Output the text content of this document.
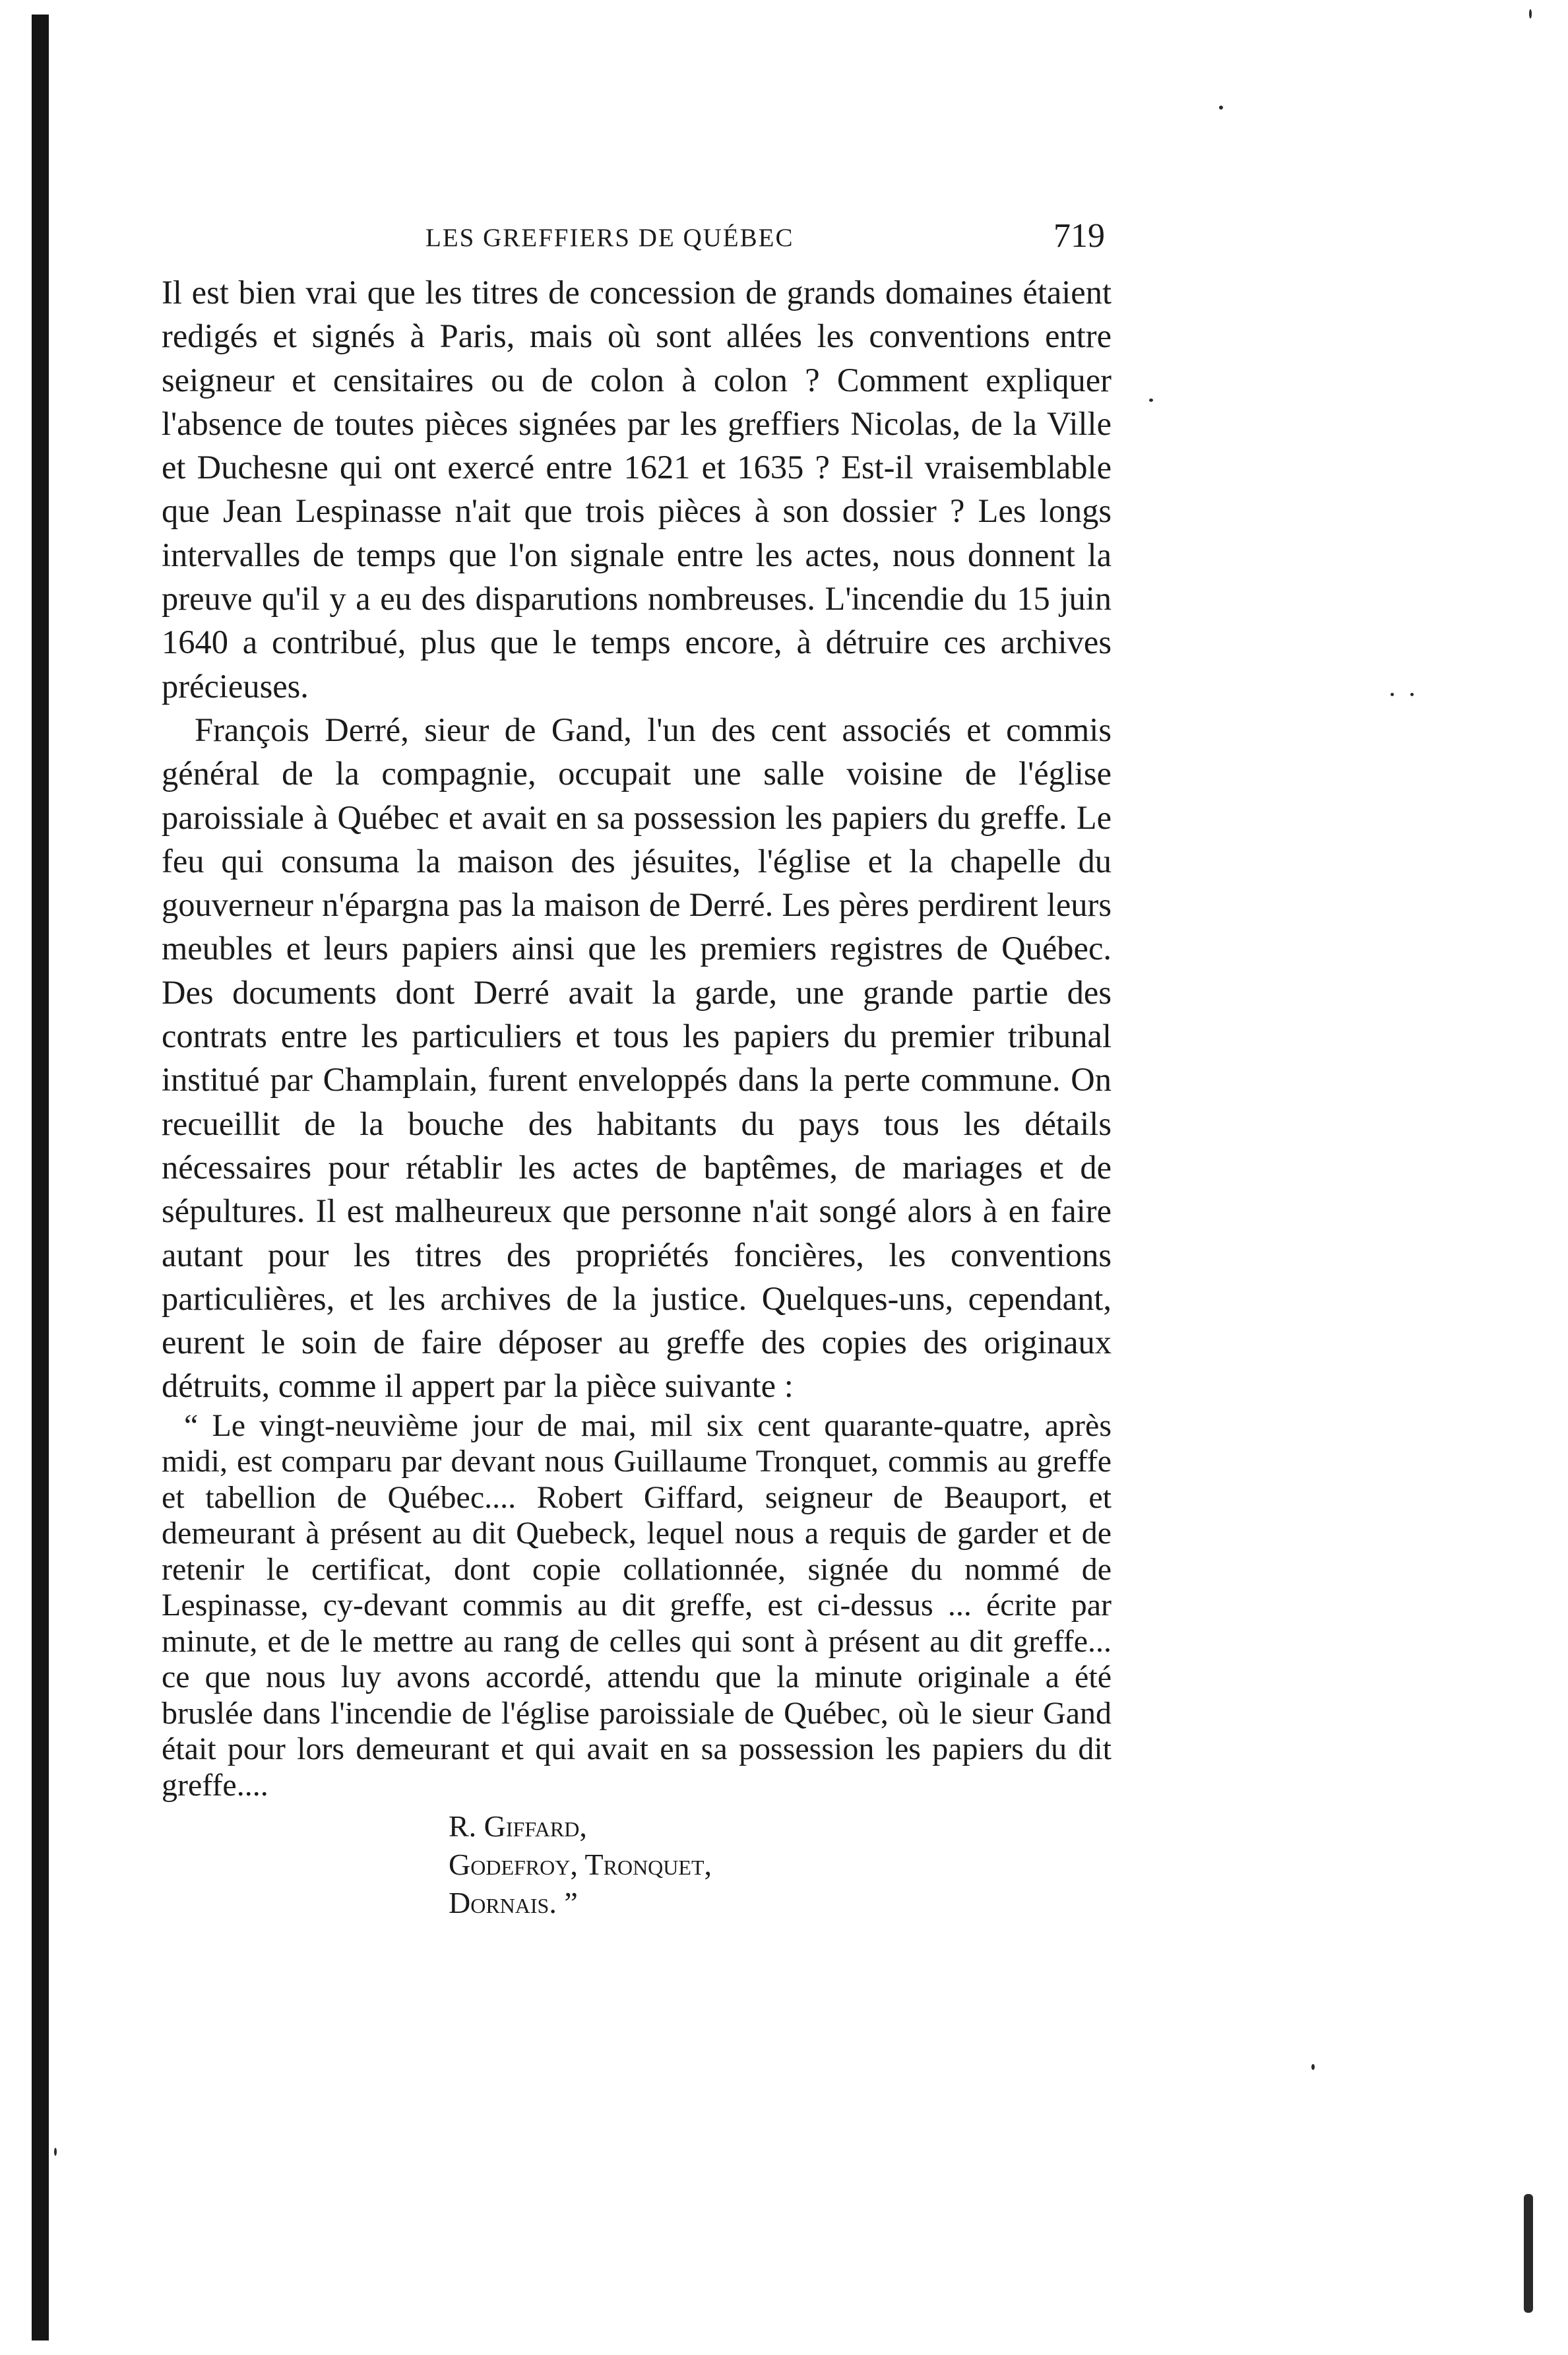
LES GREFFIERS DE QUÉBEC	719

Il est bien vrai que les titres de concession de grands domaines étaient redigés et signés à Paris, mais où sont allées les conventions entre seigneur et censitaires ou de colon à colon ? Comment expliquer l'absence de toutes pièces signées par les greffiers Nicolas, de la Ville et Duchesne qui ont exercé entre 1621 et 1635 ? Est-il vraisemblable que Jean Lespinasse n'ait que trois pièces à son dossier ? Les longs intervalles de temps que l'on signale entre les actes, nous donnent la preuve qu'il y a eu des disparutions nombreuses. L'incendie du 15 juin 1640 a contribué, plus que le temps encore, à détruire ces archives précieuses.

François Derré, sieur de Gand, l'un des cent associés et commis général de la compagnie, occupait une salle voisine de l'église paroissiale à Québec et avait en sa possession les papiers du greffe. Le feu qui consuma la maison des jésuites, l'église et la chapelle du gouverneur n'épargna pas la maison de Derré. Les pères perdirent leurs meubles et leurs papiers ainsi que les premiers registres de Québec. Des documents dont Derré avait la garde, une grande partie des contrats entre les particuliers et tous les papiers du premier tribunal institué par Champlain, furent enveloppés dans la perte commune. On recueillit de la bouche des habitants du pays tous les détails nécessaires pour rétablir les actes de baptêmes, de mariages et de sépultures. Il est malheureux que personne n'ait songé alors à en faire autant pour les titres des propriétés foncières, les conventions particulières, et les archives de la justice. Quelques-uns, cependant, eurent le soin de faire déposer au greffe des copies des originaux détruits, comme il appert par la pièce suivante :

“ Le vingt-neuvième jour de mai, mil six cent quarante-quatre, après midi, est comparu par devant nous Guillaume Tronquet, commis au greffe et tabellion de Québec.... Robert Giffard, seigneur de Beauport, et demeurant à présent au dit Quebeck, lequel nous a requis de garder et de retenir le certificat, dont copie collationnée, signée du nommé de Lespinasse, cy-devant commis au dit greffe, est ci-dessus ... écrite par minute, et de le mettre au rang de celles qui sont à présent au dit greffe... ce que nous luy avons accordé, attendu que la minute originale a été bruslée dans l'incendie de l'église paroissiale de Québec, où le sieur Gand était pour lors demeurant et qui avait en sa possession les papiers du dit greffe....

R. Giffard,
Godefroy, Tronquet,
Dornais. ”
